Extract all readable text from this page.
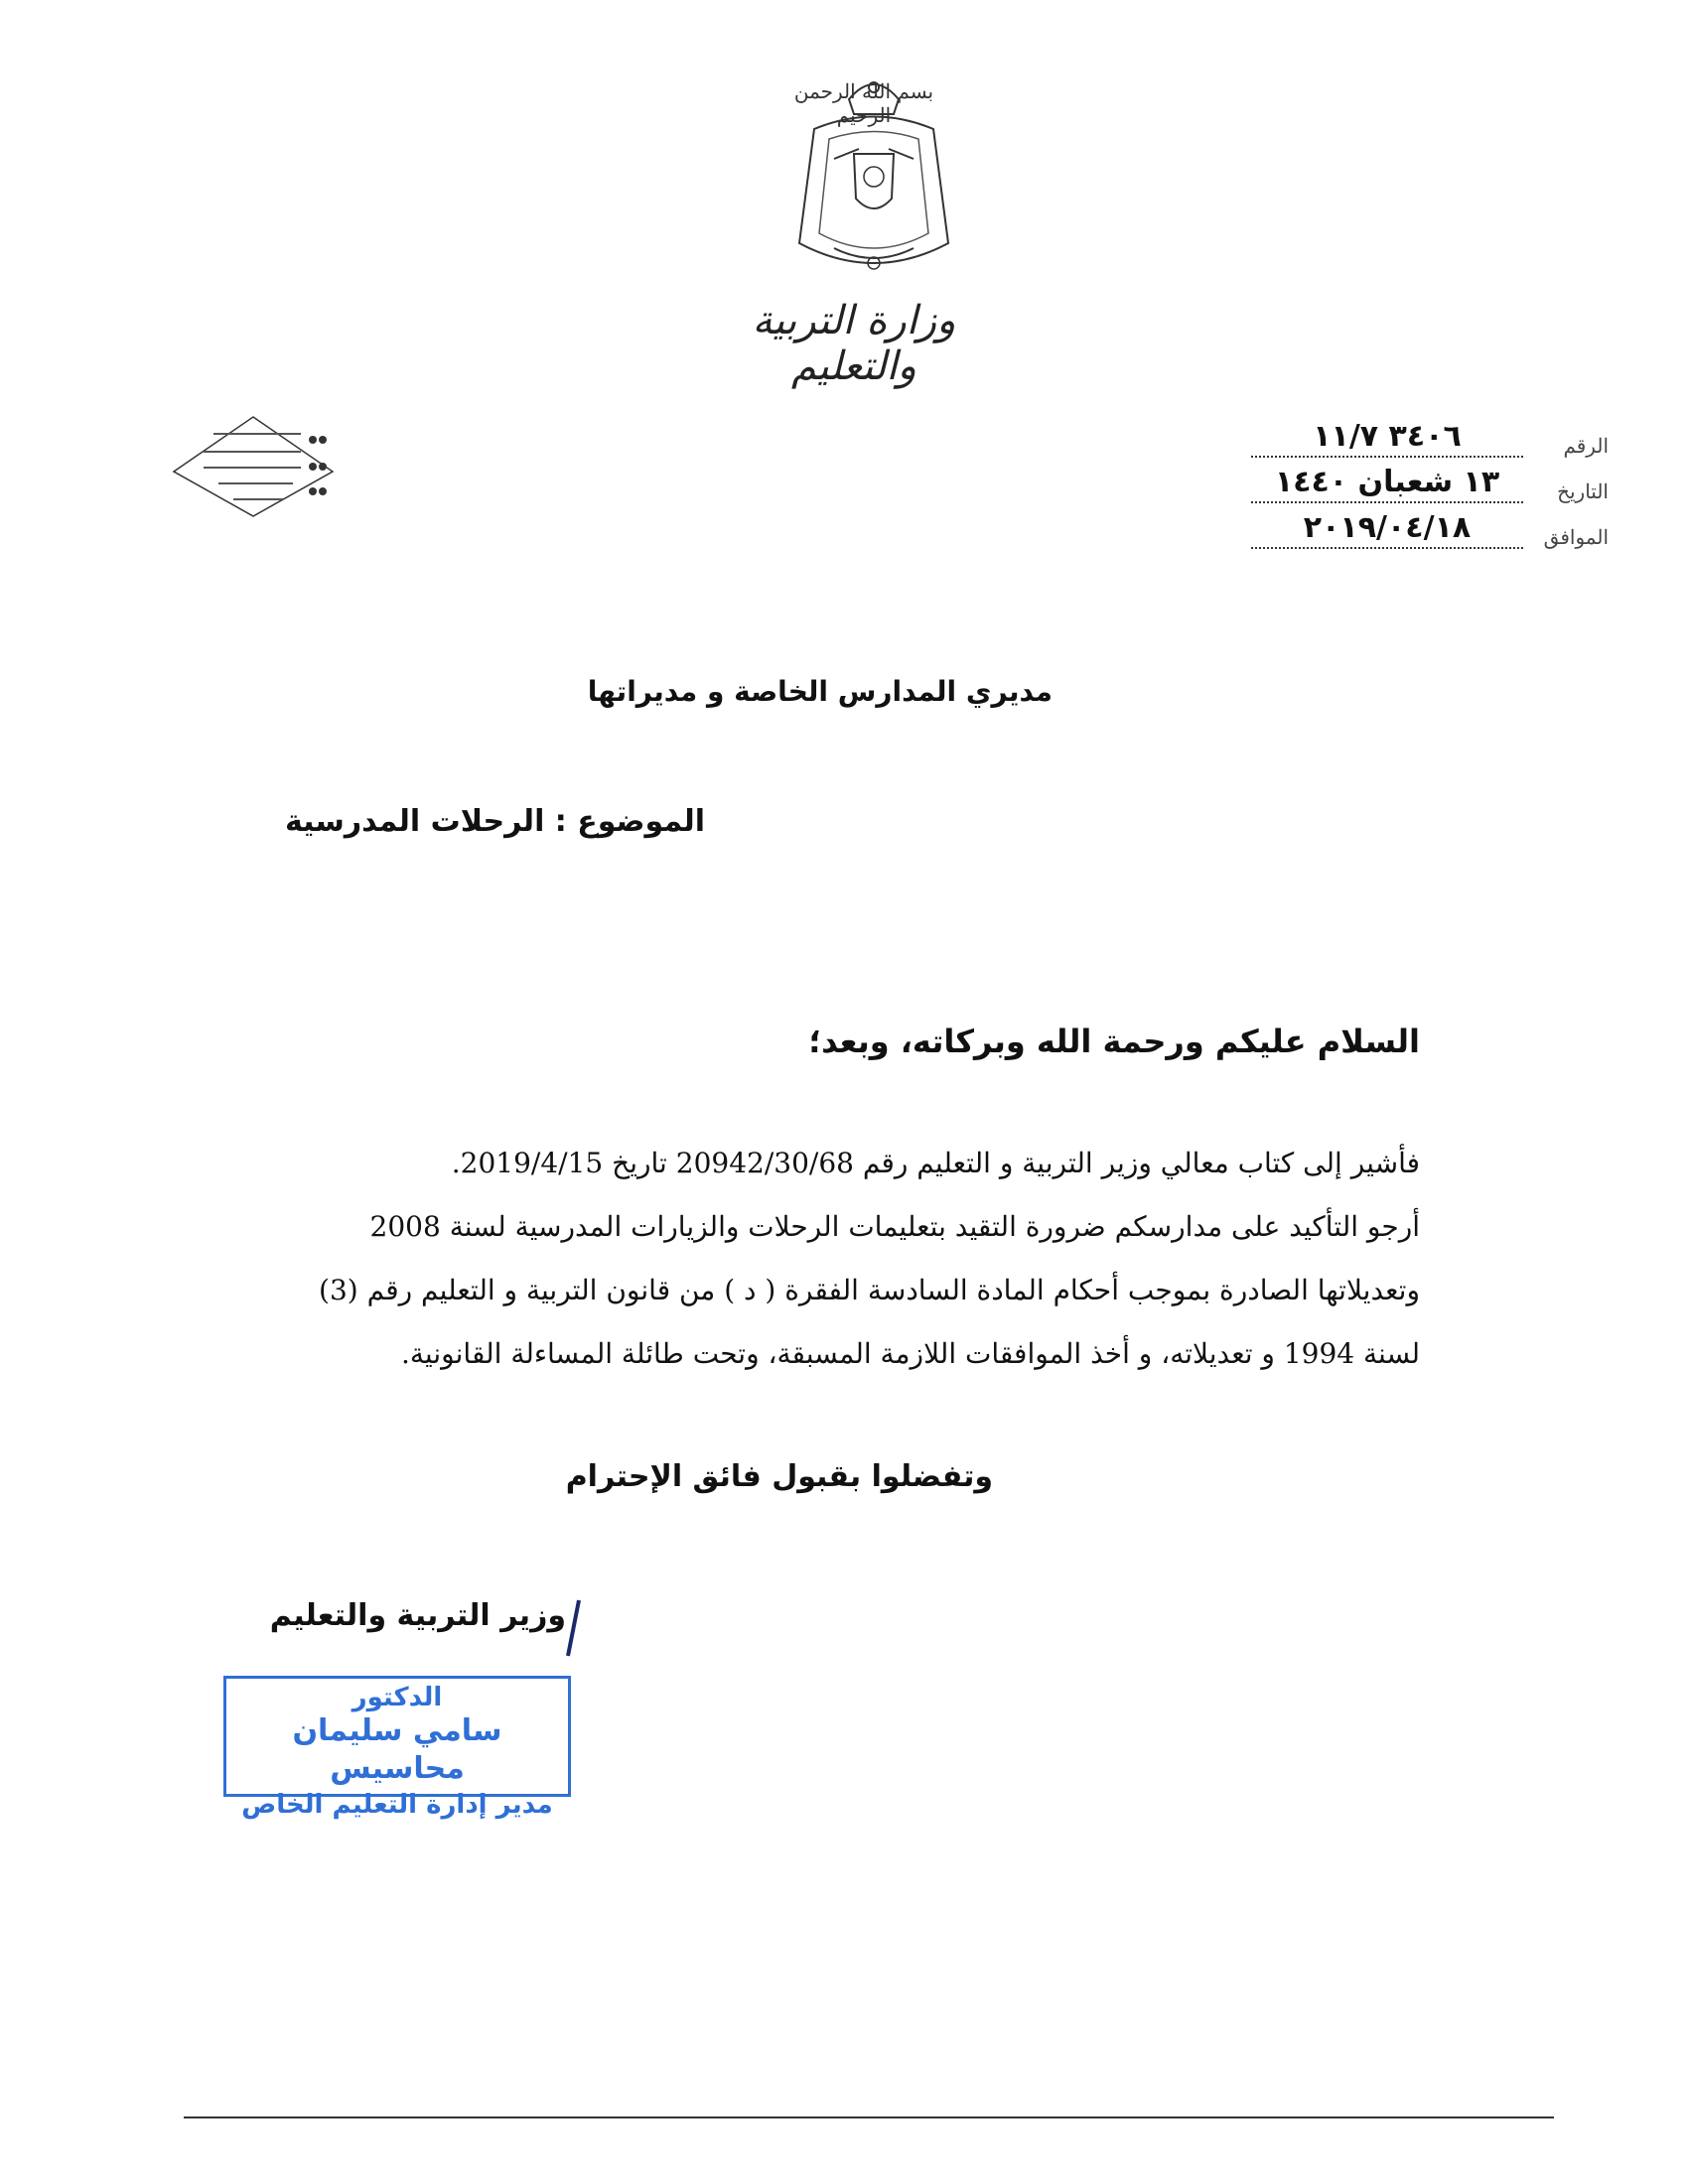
بسم الله الرحمن الرحيم
وزارة التربية والتعليم
الرقم
٣٤٠٦ ١١/٧
التاريخ
١٣ شعبان ١٤٤٠
الموافق
٢٠١٩/٠٤/١٨
مديري المدارس الخاصة و مديراتها
الموضوع : الرحلات المدرسية
السلام عليكم ورحمة الله وبركاته، وبعد؛
فأشير إلى كتاب معالي وزير التربية و التعليم رقم 20942/30/68 تاريخ 2019/4/15.
أرجو التأكيد على مدارسكم ضرورة التقيد بتعليمات الرحلات والزيارات المدرسية لسنة 2008
وتعديلاتها الصادرة بموجب أحكام المادة السادسة الفقرة ( د ) من قانون التربية و التعليم رقم (3)
لسنة 1994 و تعديلاته، و أخذ الموافقات اللازمة المسبقة، وتحت طائلة المساءلة القانونية.
وتفضلوا بقبول فائق الإحترام
وزير التربية والتعليم
الدكتور
سامي سليمان محاسيس
مدير إدارة التعليم الخاص
